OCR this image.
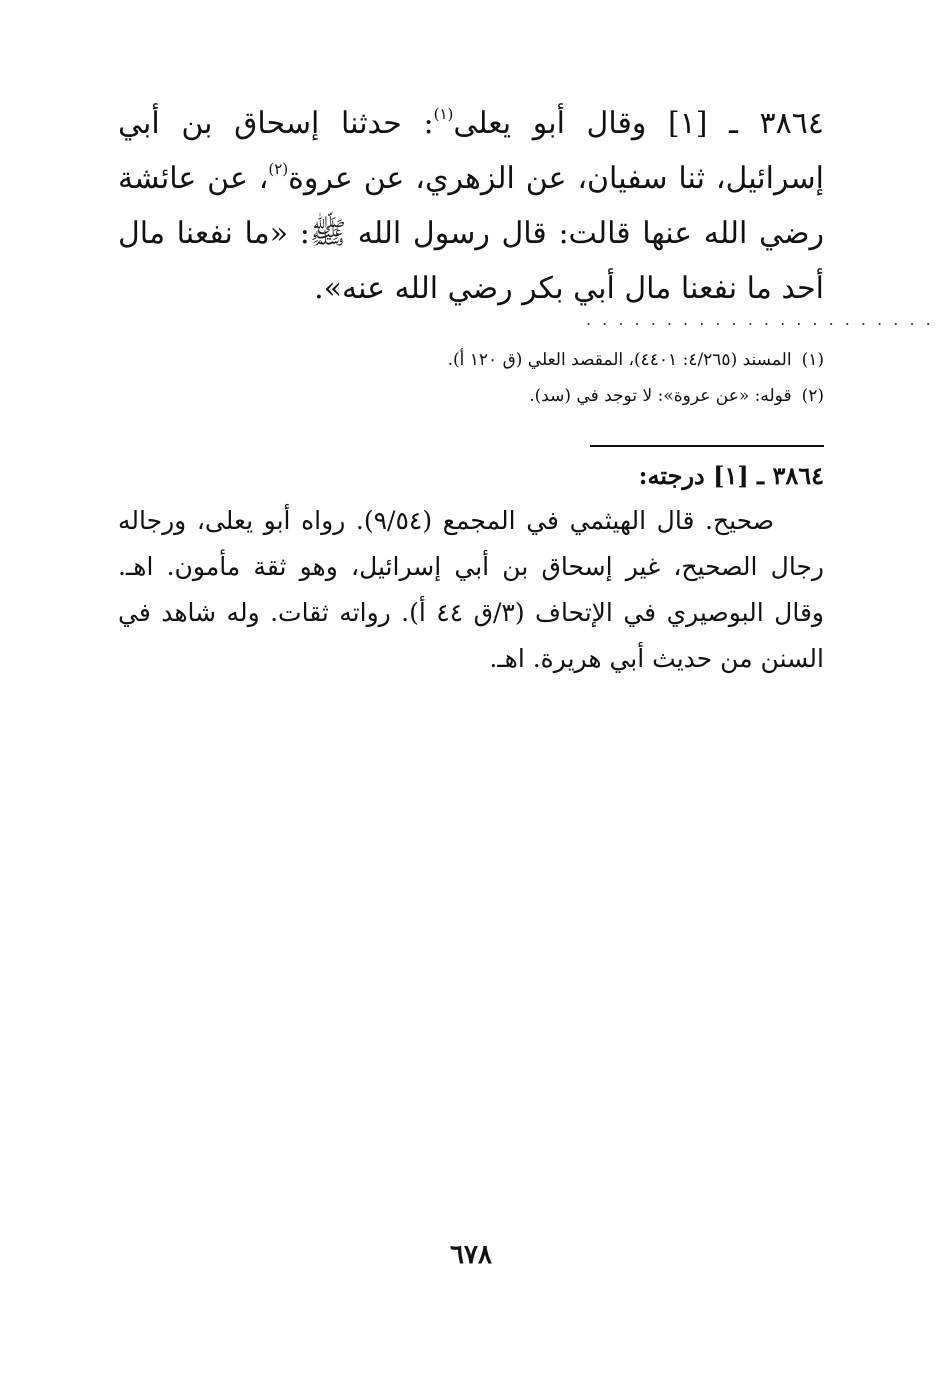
٣٨٦٤ ـ [١] وقال أبو يعلى$^{(١)}$: حدثنا إسحاق بن أبي إسرائيل، ثنا سفيان، عن الزهري، عن عروة$^{(٢)}$، عن عائشة رضي الله عنها قالت: قال رسول الله ﷺ: «ما نفعنا مال أحد ما نفعنا مال أبي بكر رضي الله عنه».

. . . . . . . . . . . . . . . . . . . . . .
(١)
المسند (٤/٢٦٥: ٤٤٠١)، المقصد العلي (ق ١٢٠ أ).
(٢)
قوله: «عن عروة»: لا توجد في (سد).
٣٨٦٤ ـ [١] درجته:

صحيح. قال الهيثمي في المجمع (٩/٥٤). رواه أبو يعلى، ورجاله رجال الصحيح، غير إسحاق بن أبي إسرائيل، وهو ثقة مأمون. اهـ. وقال البوصيري في الإتحاف (٣/ق ٤٤ أ). رواته ثقات. وله شاهد في السنن من حديث أبي هريرة. اهـ.

٦٧٨
